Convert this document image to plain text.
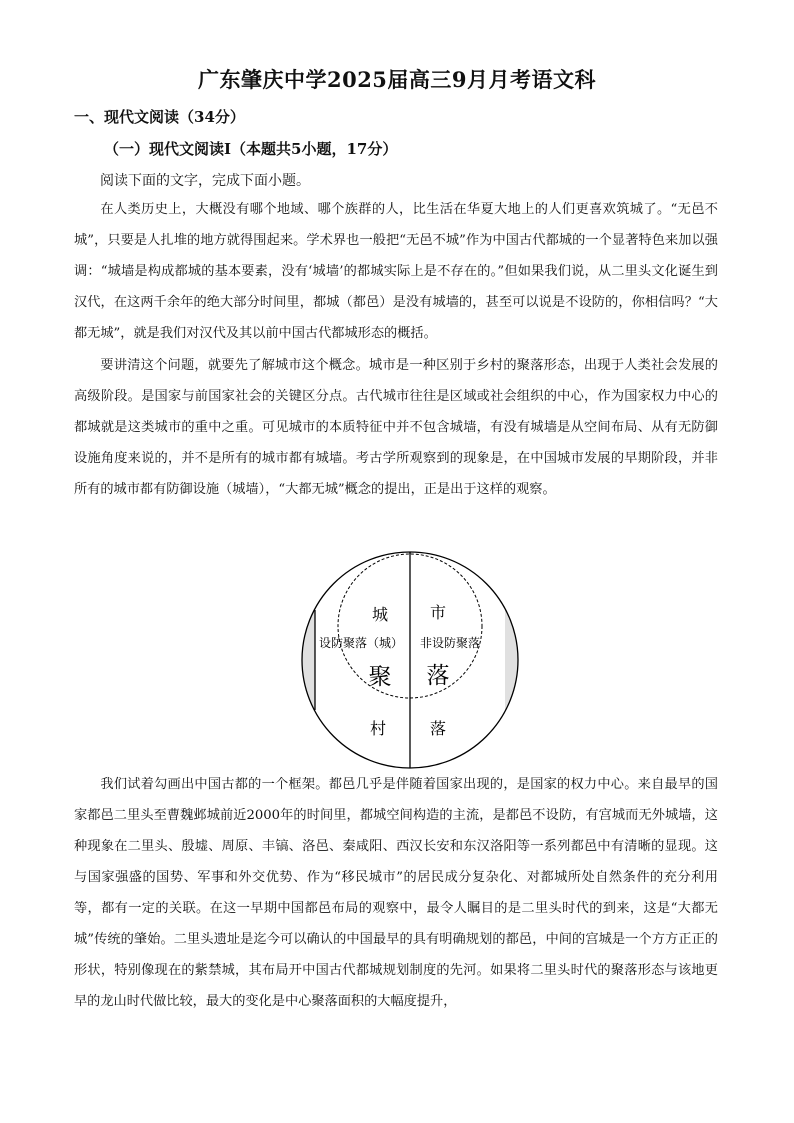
广东肇庆中学2025届高三9月月考语文科
一、现代文阅读（34分）
（一）现代文阅读Ⅰ（本题共5小题，17分）
阅读下面的文字，完成下面小题。

在人类历史上，大概没有哪个地域、哪个族群的人，比生活在华夏大地上的人们更喜欢筑城了。“无邑不城”，只要是人扎堆的地方就得围起来。学术界也一般把“无邑不城”作为中国古代都城的一个显著特色来加以强调：“城墙是构成都城的基本要素，没有‘城墙’的都城实际上是不存在的。”但如果我们说，从二里头文化诞生到汉代，在这两千余年的绝大部分时间里，都城（都邑）是没有城墙的，甚至可以说是不设防的，你相信吗？“大都无城”，就是我们对汉代及其以前中国古代都城形态的概括。

要讲清这个问题，就要先了解城市这个概念。城市是一种区别于乡村的聚落形态，出现于人类社会发展的高级阶段。是国家与前国家社会的关键区分点。古代城市往往是区域或社会组织的中心，作为国家权力中心的都城就是这类城市的重中之重。可见城市的本质特征中并不包含城墙，有没有城墙是从空间布局、从有无防御设施角度来说的，并不是所有的城市都有城墙。考古学所观察到的现象是，在中国城市发展的早期阶段，并非所有的城市都有防御设施（城墙），“大都无城”概念的提出，正是出于这样的观察。

城	市
设防聚落（城） 非设防聚落
聚 落
村	落

我们试着勾画出中国古都的一个框架。都邑几乎是伴随着国家出现的，是国家的权力中心。来自最早的国家都邑二里头至曹魏邺城前近2000年的时间里，都城空间构造的主流，是都邑不设防，有宫城而无外城墙，这种现象在二里头、殷墟、周原、丰镐、洛邑、秦咸阳、西汉长安和东汉洛阳等一系列都邑中有清晰的显现。这与国家强盛的国势、军事和外交优势、作为“移民城市”的居民成分复杂化、对都城所处自然条件的充分利用等，都有一定的关联。在这一早期中国都邑布局的观察中，最令人瞩目的是二里头时代的到来，这是“大都无城”传统的肇始。二里头遗址是迄今可以确认的中国最早的具有明确规划的都邑，中间的宫城是一个方方正正的形状，特别像现在的紫禁城，其布局开中国古代都城规划制度的先河。如果将二里头时代的聚落形态与该地更早的龙山时代做比较，最大的变化是中心聚落面积的大幅度提升，
